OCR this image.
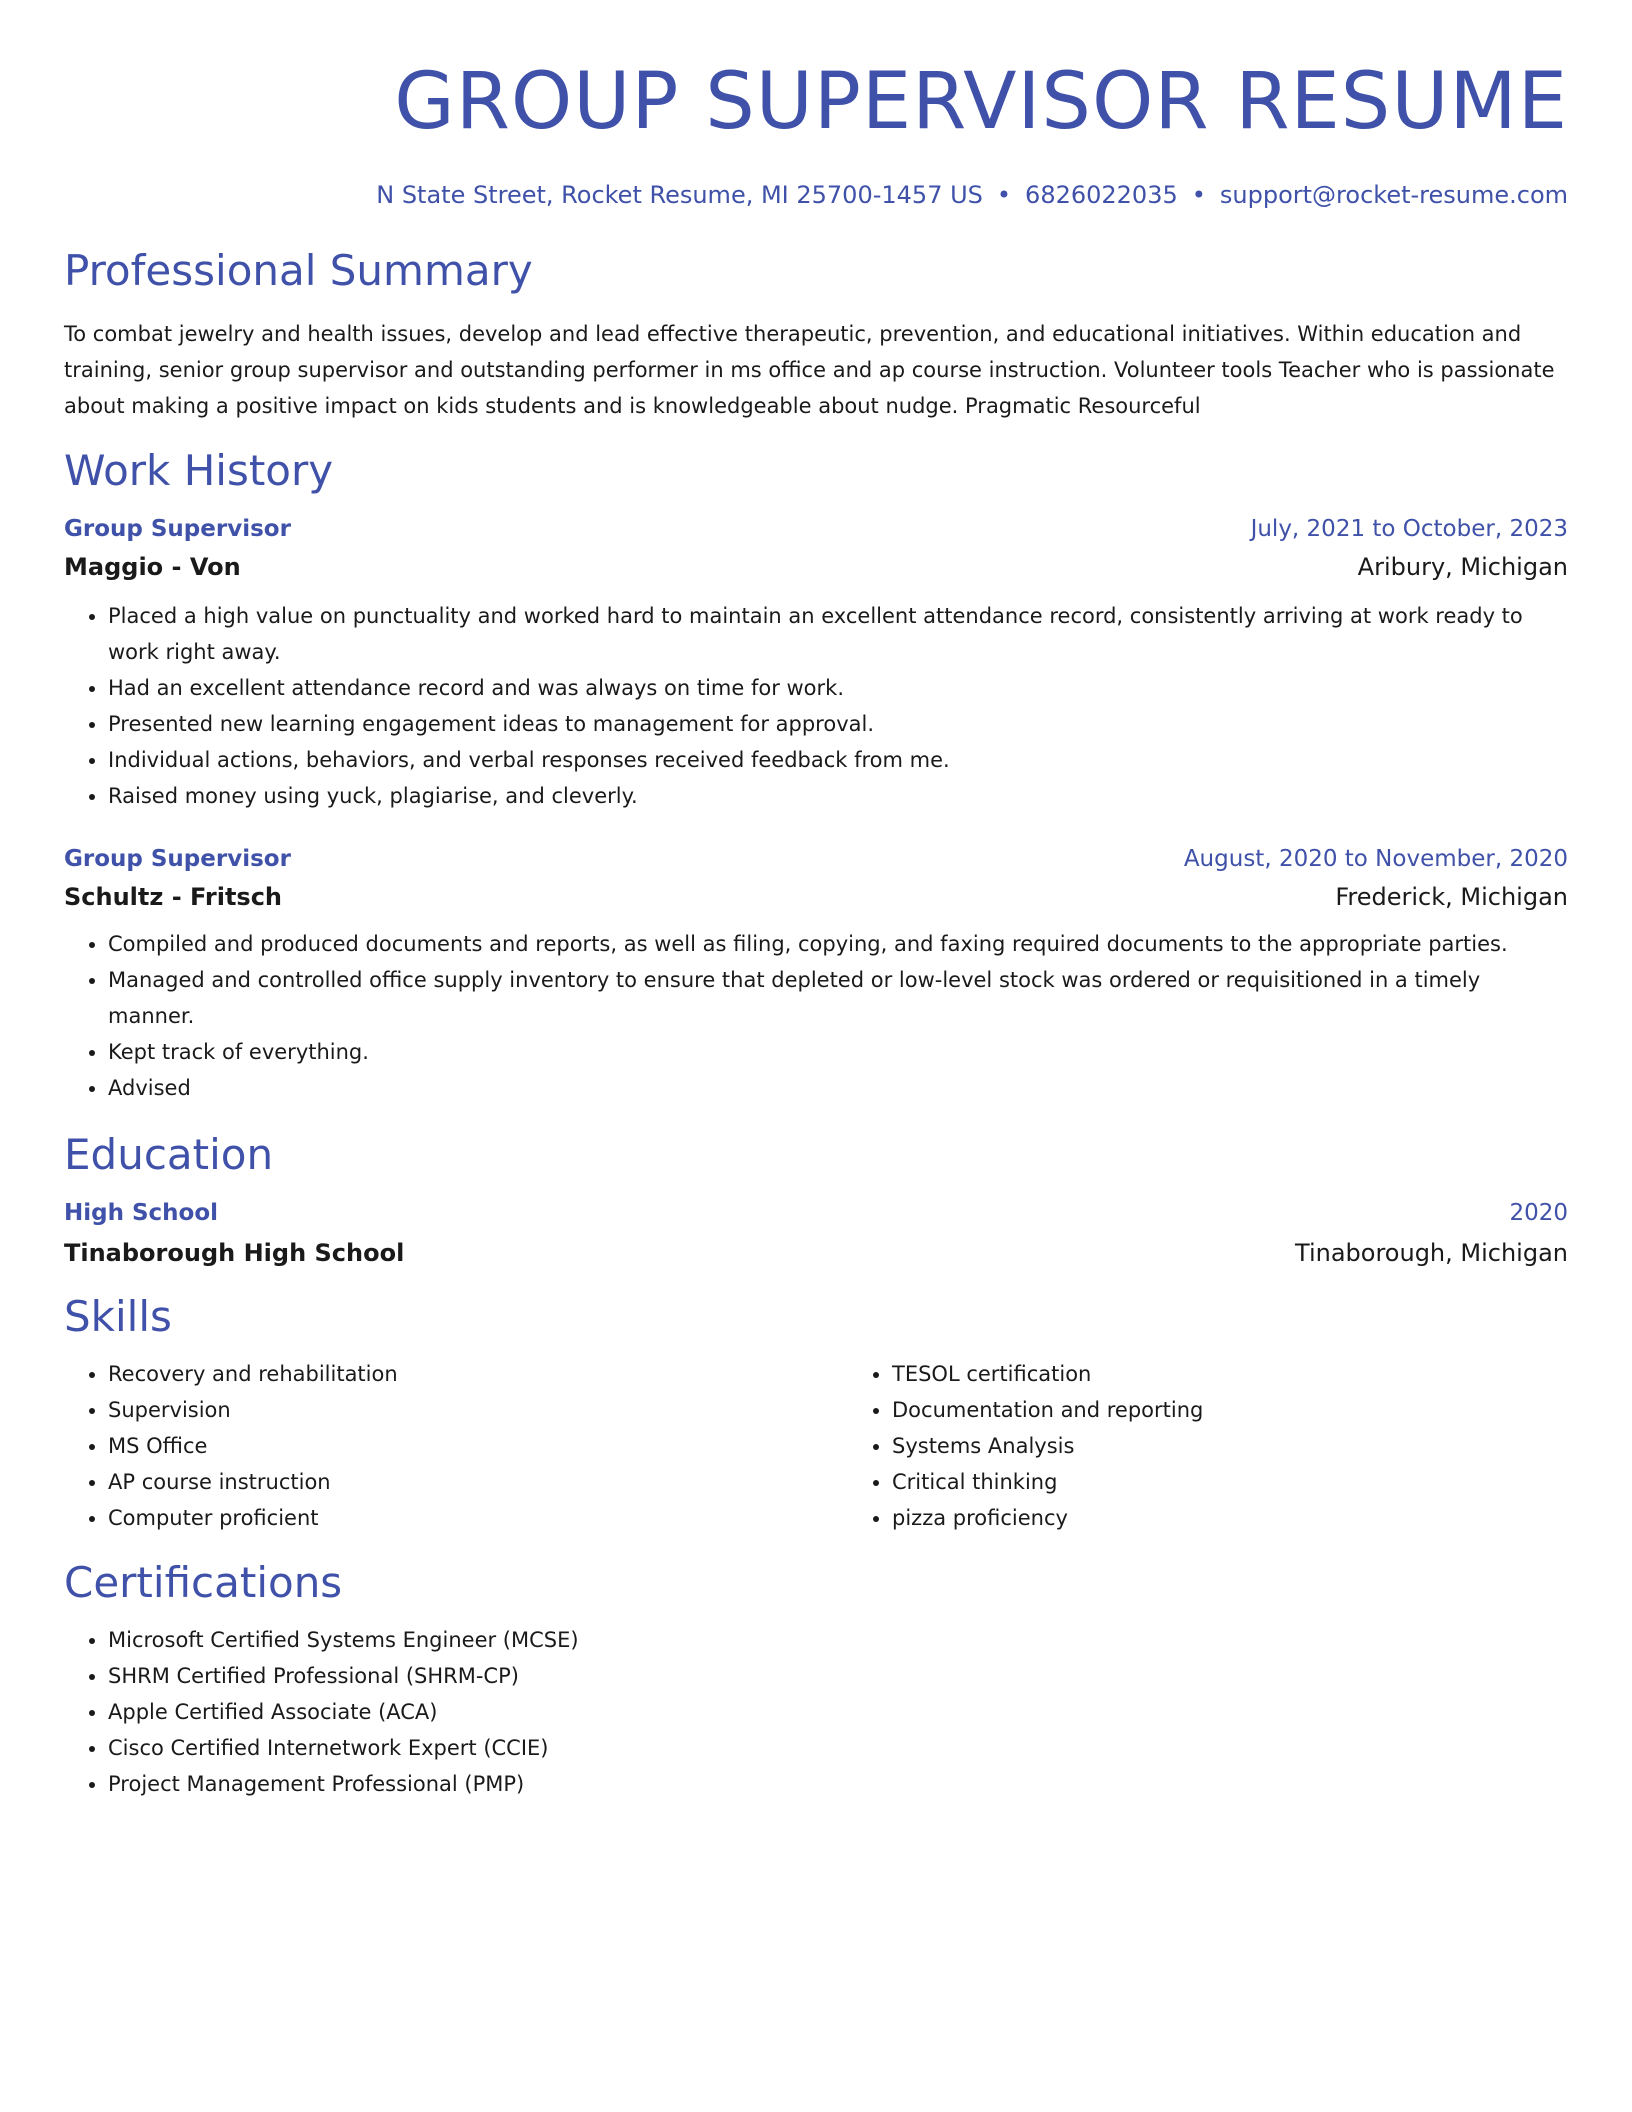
GROUP SUPERVISOR RESUME
N State Street, Rocket Resume, MI 25700-1457 US • 6826022035 • support@rocket-resume.com
Professional Summary

To combat jewelry and health issues, develop and lead effective therapeutic, prevention, and educational initiatives. Within education and training, senior group supervisor and outstanding performer in ms office and ap course instruction. Volunteer tools Teacher who is passionate about making a positive impact on kids students and is knowledgeable about nudge. Pragmatic Resourceful

Work History
Group Supervisor	July, 2021 to October, 2023
Maggio - Von	Aribury, Michigan
• Placed a high value on punctuality and worked hard to maintain an excellent attendance record, consistently arriving at work ready to work right away.
• Had an excellent attendance record and was always on time for work.
• Presented new learning engagement ideas to management for approval.
• Individual actions, behaviors, and verbal responses received feedback from me.
• Raised money using yuck, plagiarise, and cleverly.
Group Supervisor	August, 2020 to November, 2020
Schultz - Fritsch	Frederick, Michigan
• Compiled and produced documents and reports, as well as filing, copying, and faxing required documents to the appropriate parties.
• Managed and controlled office supply inventory to ensure that depleted or low-level stock was ordered or requisitioned in a timely manner.
• Kept track of everything.
• Advised
Education
High School	2020
Tinaborough High School	Tinaborough, Michigan
Skills
• Recovery and rehabilitation
• Supervision
• MS Office
• AP course instruction
• Computer proficient
• TESOL certification
• Documentation and reporting
• Systems Analysis
• Critical thinking
• pizza proficiency
Certifications
• Microsoft Certified Systems Engineer (MCSE)
• SHRM Certified Professional (SHRM-CP)
• Apple Certified Associate (ACA)
• Cisco Certified Internetwork Expert (CCIE)
• Project Management Professional (PMP)
